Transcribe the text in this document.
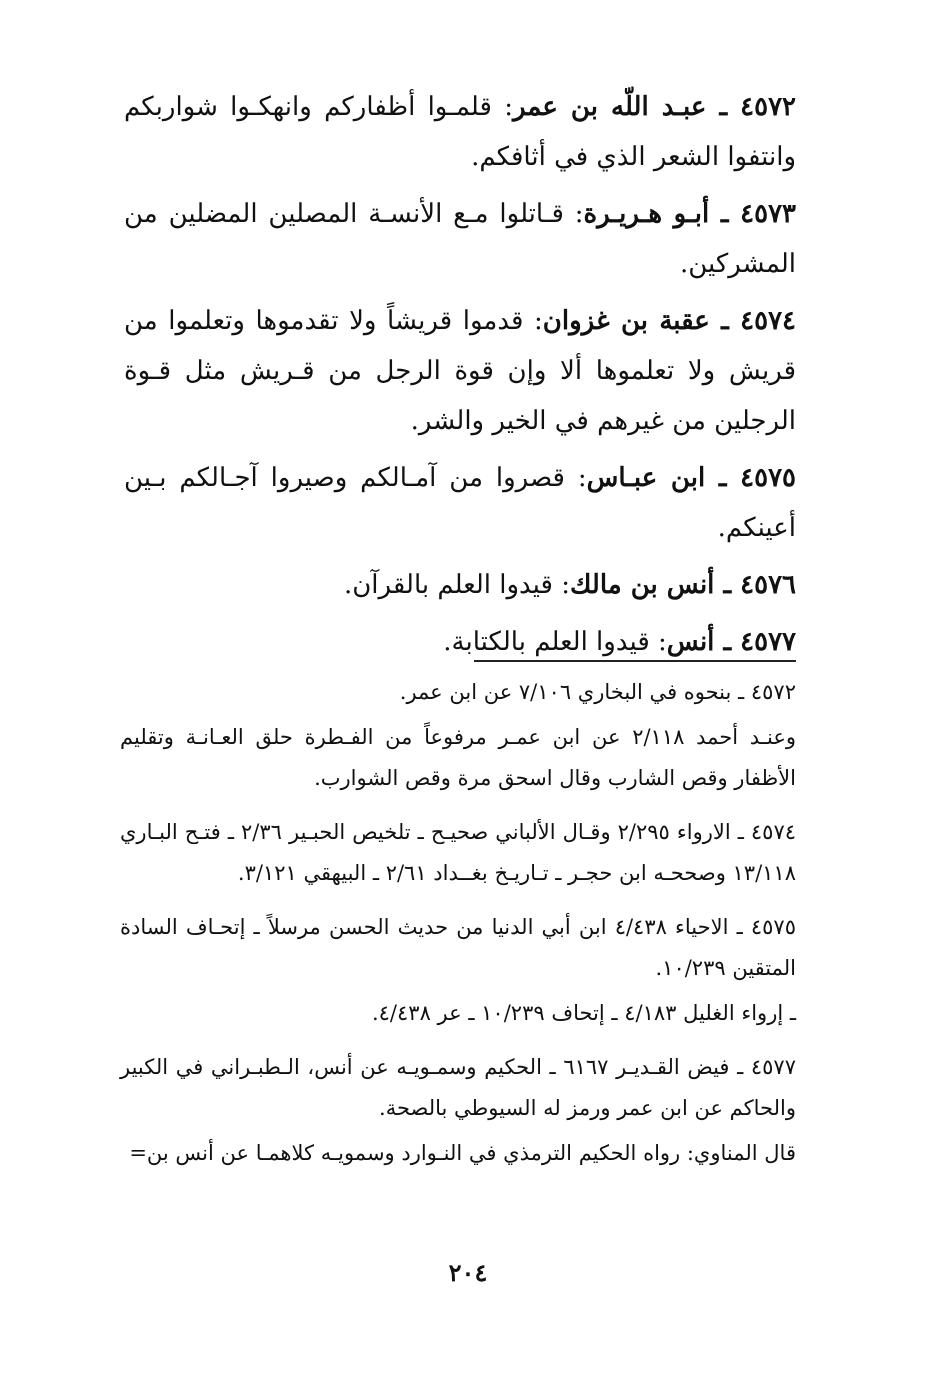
٤٥٧٢ ـ عبـد اللّه بن عمر: قلمـوا أظفاركم وانهكـوا شواربكم وانتفوا الشعر الذي في أثافكم.

٤٥٧٣ ـ أبـو هـريـرة: قـاتلوا مـع الأنسـة المصلين المضلين من المشركين.

٤٥٧٤ ـ عقبة بن غزوان: قدموا قريشاً ولا تقدموها وتعلموا من قريش ولا تعلموها ألا وإن قوة الرجل من قـريش مثل قـوة الرجلين من غيرهم في الخير والشر.

٤٥٧٥ ـ ابن عبـاس: قصروا من آمـالكم وصيروا آجـالكم بـين أعينكم.

٤٥٧٦ ـ أنس بن مالك: قيدوا العلم بالقرآن.

٤٥٧٧ ـ أنس: قيدوا العلم بالكتابة.

٤٥٧٢ ـ بنحوه في البخاري ٧/١٠٦ عن ابن عمر.

وعنـد أحمد ٢/١١٨ عن ابن عمـر مرفوعاً من الفـطرة حلق العـانـة وتقليم الأظفار وقص الشارب وقال اسحق مرة وقص الشوارب.

٤٥٧٤ ـ الارواء ٢/٢٩٥ وقـال الألباني صحيـح ـ تلخيص الحبـير ٢/٣٦ ـ فتـح البـاري ١٣/١١٨ وصححـه ابن حجـر ـ تـاريـخ بغــداد ٢/٦١ ـ البيهقي ٣/١٢١.

٤٥٧٥ ـ الاحياء ٤/٤٣٨ ابن أبي الدنيا من حديث الحسن مرسلاً ـ إتحـاف السادة المتقين ١٠/٢٣٩.

ـ إرواء الغليل ٤/١٨٣ ـ إتحاف ١٠/٢٣٩ ـ عر ٤/٤٣٨.

٤٥٧٧ ـ فيض القـديـر ٦١٦٧ ـ الحكيم وسمـويـه عن أنس، الـطبـراني في الكبير والحاكم عن ابن عمر ورمز له السيوطي بالصحة.

قال المناوي: رواه الحكيم الترمذي في النـوارد وسمويـه كلاهمـا عن أنس بن=

٢٠٤
